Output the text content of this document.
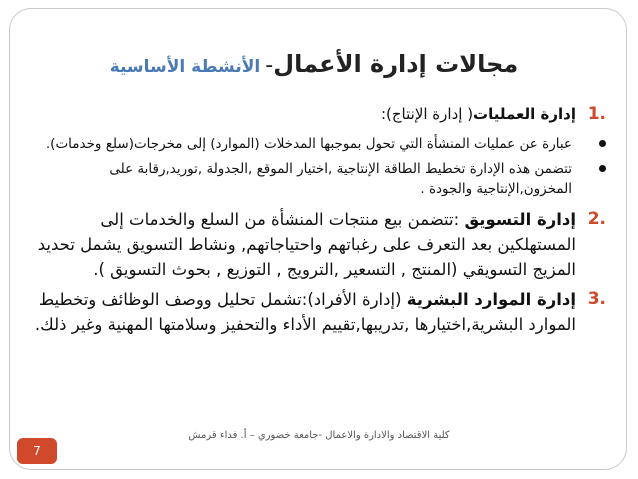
مجالات إدارة الأعمال- الأنشطة الأساسية
1.
إدارة العمليات( إدارة الإنتاج):
عبارة عن عمليات المنشأة التي تحول بموجبها المدخلات (الموارد) إلى مخرجات(سلع وخدمات).
تتضمن هذه الإدارة تخطيط الطاقة الإنتاجية ,اختيار الموقع ,الجدولة ,توريد,رقابة على المخزون,الإنتاجية والجودة .
2.
إدارة التسويق :تتضمن بيع منتجات المنشأة من السلع والخدمات إلى المستهلكين بعد التعرف على رغباتهم واحتياجاتهم, ونشاط التسويق يشمل تحديد المزيج التسويقي (المنتج , التسعير ,الترويج , التوزيع , بحوث التسويق ).
3.
إدارة الموارد البشرية (إدارة الأفراد):تشمل تحليل ووصف الوظائف وتخطيط الموارد البشرية,اختيارها ,تدريبها,تقييم الأداء والتحفيز وسلامتها المهنية وغير ذلك.
كلية الاقتصاد والادارة والاعمال -جامعة خضوري – أ. فداء قرمش
7
